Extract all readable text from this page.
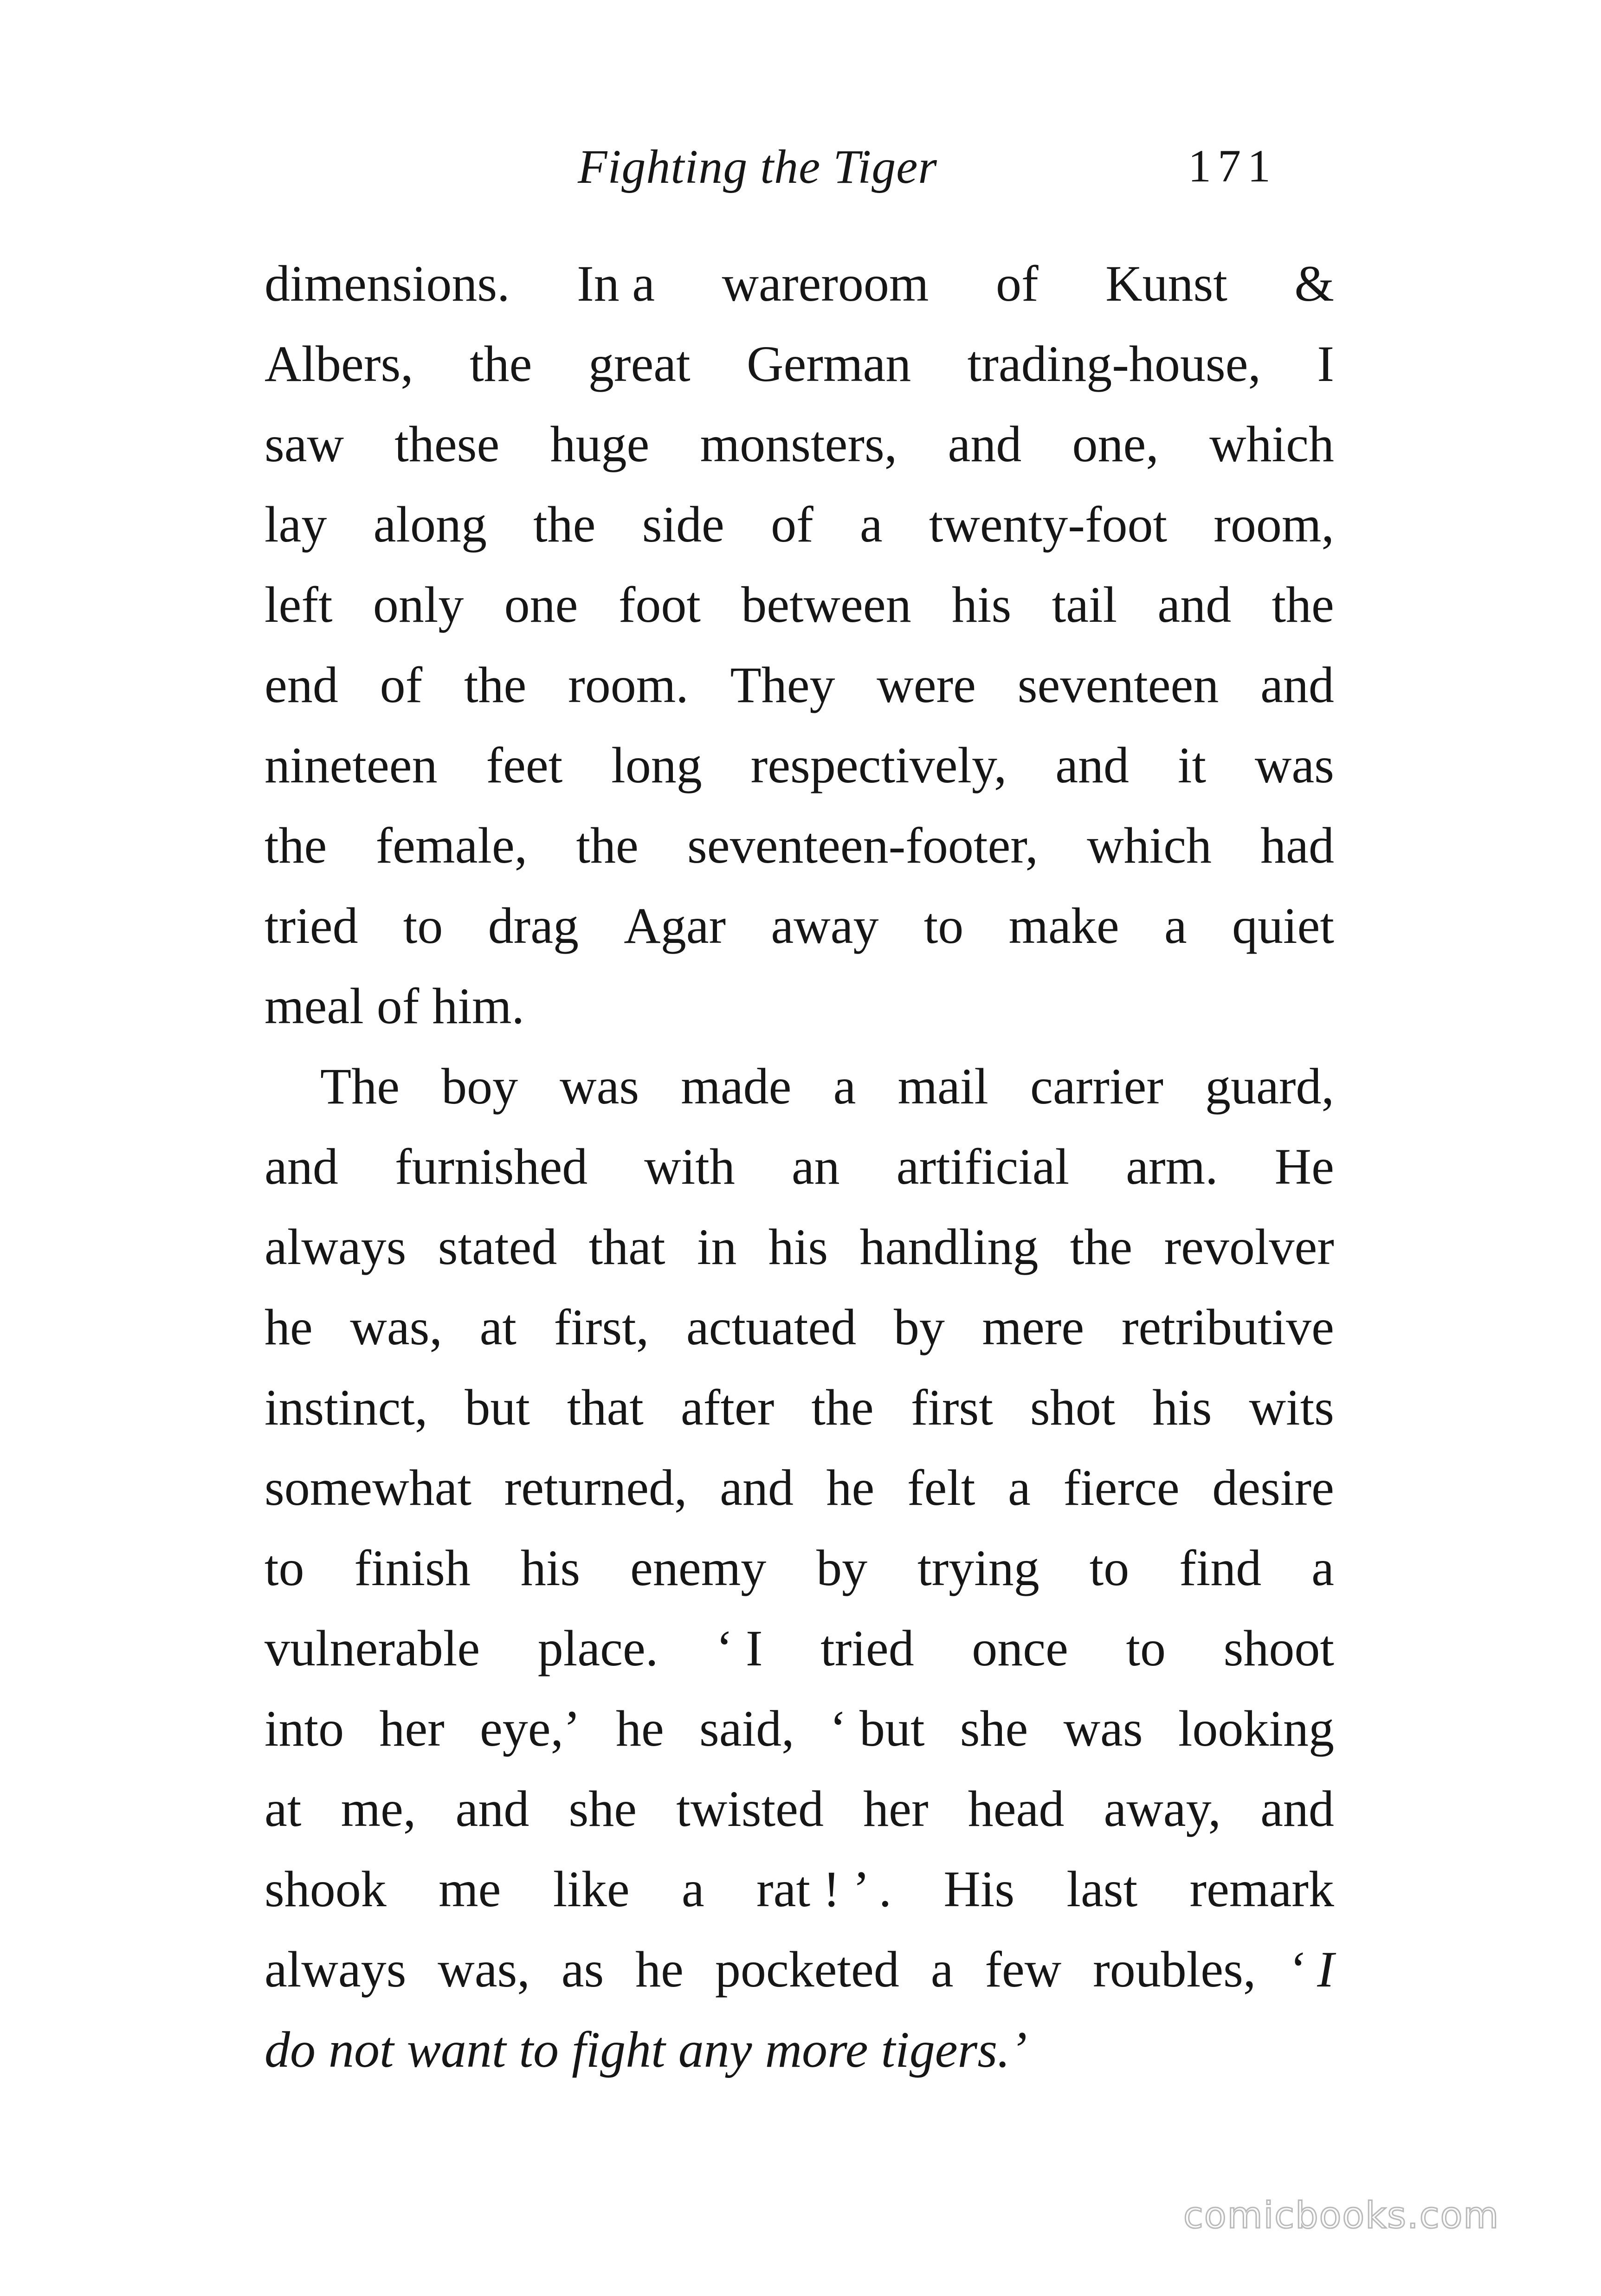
Fighting the Tiger	171
dimensions. In a wareroom of Kunst &
Albers, the great German trading-house, I
saw these huge monsters, and one, which
lay along the side of a twenty-foot room,
left only one foot between his tail and the
end of the room. They were seventeen and
nineteen feet long respectively, and it was
the female, the seventeen-footer, which had
tried to drag Agar away to make a quiet
meal of him.
The boy was made a mail carrier guard,
and furnished with an artificial arm. He
always stated that in his handling the revolver
he was, at first, actuated by mere retributive
instinct, but that after the first shot his wits
somewhat returned, and he felt a fierce desire
to finish his enemy by trying to find a
vulnerable place. ‘ I tried once to shoot
into her eye,’ he said, ‘ but she was looking
at me, and she twisted her head away, and
shook me like a rat ! ’ . His last remark
always was, as he pocketed a few roubles, ‘ I
do not want to fight any more tigers.’
comicbooks.com
